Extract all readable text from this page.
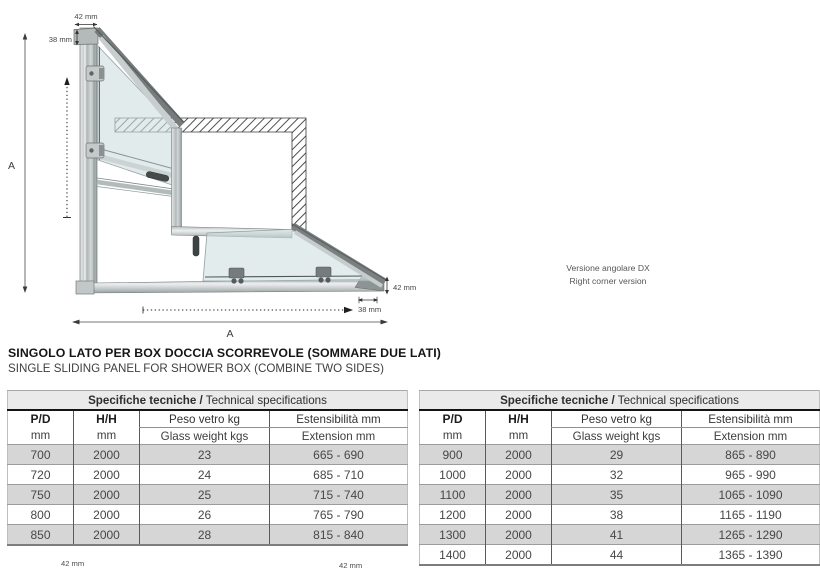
42 mm
38 mm
A
42 mm
38 mm
A
Versione angolare DX
Right corner version
SINGOLO LATO PER BOX DOCCIA SCORREVOLE (SOMMARE DUE LATI)
SINGLE SLIDING PANEL FOR SHOWER BOX (COMBINE TWO SIDES)
Specifiche tecniche / Technical specifications			
P/D	H/H	Peso vetro kg	Estensibilità mm
mm	mm	Glass weight kgs	Extension mm
700	2000	23	665 - 690
720	2000	24	685 - 710
750	2000	25	715 - 740
800	2000	26	765 - 790
850	2000	28	815 - 840
Specifiche tecniche / Technical specifications			
P/D	H/H	Peso vetro kg	Estensibilità mm
mm	mm	Glass weight kgs	Extension mm
900	2000	29	865 - 890
1000	2000	32	965 - 990
1100	2000	35	1065 - 1090
1200	2000	38	1165 - 1190
1300	2000	41	1265 - 1290
1400	2000	44	1365 - 1390
42 mm	42 mm
